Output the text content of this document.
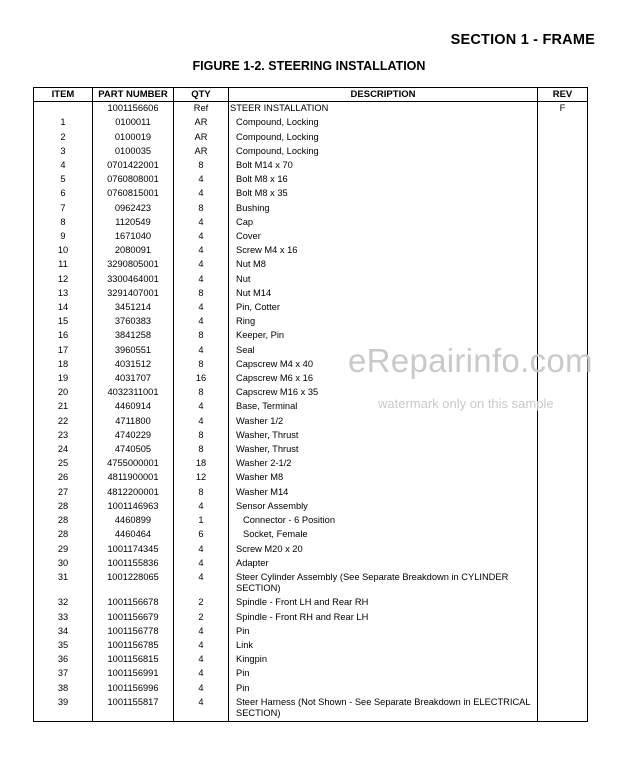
SECTION 1 - FRAME
FIGURE 1-2. STEERING INSTALLATION
ITEM	PART NUMBER	QTY	DESCRIPTION	REV
	1001156606	Ref	STEER INSTALLATION	F
1	0100011	AR	Compound, Locking	
2	0100019	AR	Compound, Locking	
3	0100035	AR	Compound, Locking	
4	0701422001	8	Bolt M14 x 70	
5	0760808001	4	Bolt M8 x 16	
6	0760815001	4	Bolt M8 x 35	
7	0962423	8	Bushing	
8	1120549	4	Cap	
9	1671040	4	Cover	
10	2080091	4	Screw M4 x 16	
11	3290805001	4	Nut M8	
12	3300464001	4	Nut	
13	3291407001	8	Nut M14	
14	3451214	4	Pin, Cotter	
15	3760383	4	Ring	
16	3841258	8	Keeper, Pin	
17	3960551	4	Seal	
18	4031512	8	Capscrew M4 x 40	
19	4031707	16	Capscrew M6 x 16	
20	4032311001	8	Capscrew M16 x 35	
21	4460914	4	Base, Terminal	
22	4711800	4	Washer 1/2	
23	4740229	8	Washer, Thrust	
24	4740505	8	Washer, Thrust	
25	4755000001	18	Washer 2-1/2	
26	4811900001	12	Washer M8	
27	4812200001	8	Washer M14	
28	1001146963	4	Sensor Assembly	
28	4460899	1	Connector - 6 Position	
28	4460464	6	Socket, Female	
29	1001174345	4	Screw M20 x 20	
30	1001155836	4	Adapter	
31	1001228065	4	Steer Cylinder Assembly (See Separate Breakdown in CYLINDER SECTION)	
32	1001156678	2	Spindle - Front LH and Rear RH	
33	1001156679	2	Spindle - Front RH and Rear LH	
34	1001156778	4	Pin	
35	1001156785	4	Link	
36	1001156815	4	Kingpin	
37	1001156991	4	Pin	
38	1001156996	4	Pin	
39	1001155817	4	Steer Harness (Not Shown - See Separate Breakdown in ELECTRICAL SECTION)	
eRepairinfo.com
watermark only on this sample
